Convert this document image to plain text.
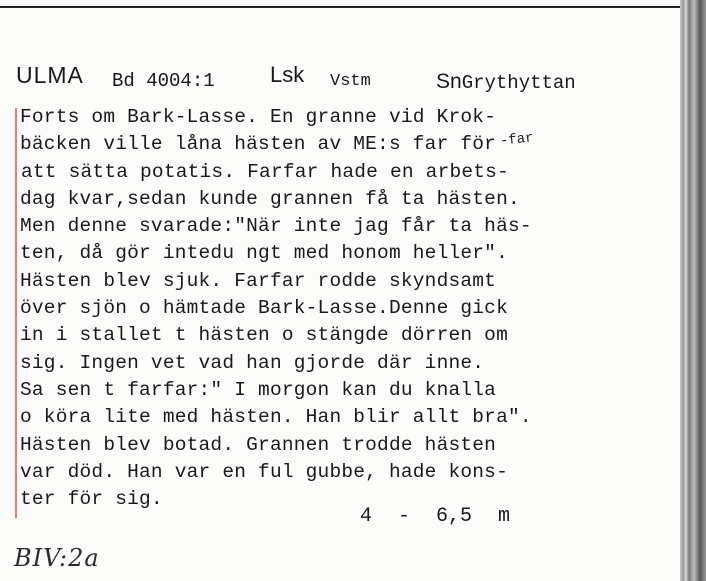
ULMA Bd 4004:1	Lsk Vstm	SnGrythyttan
-far
Forts om Bark-Lasse. En granne vid Krok-
bäcken ville låna hästen av ME:s far för
att sätta potatis. Farfar hade en arbets-
dag kvar,sedan kunde grannen få ta hästen.
Men denne svarade:"När inte jag får ta häs-
ten, då gör intedu ngt med honom heller".
Hästen blev sjuk. Farfar rodde skyndsamt
över sjön o hämtade Bark-Lasse.Denne gick
in i stallet t hästen o stängde dörren om
sig. Ingen vet vad han gjorde där inne.
Sa sen t farfar:" I morgon kan du knalla
o köra lite med hästen. Han blir allt bra".
Hästen blev botad. Grannen trodde hästen
var död. Han var en ful gubbe, hade kons-
ter för sig.
4 - 6,5 m
BIV:2a
